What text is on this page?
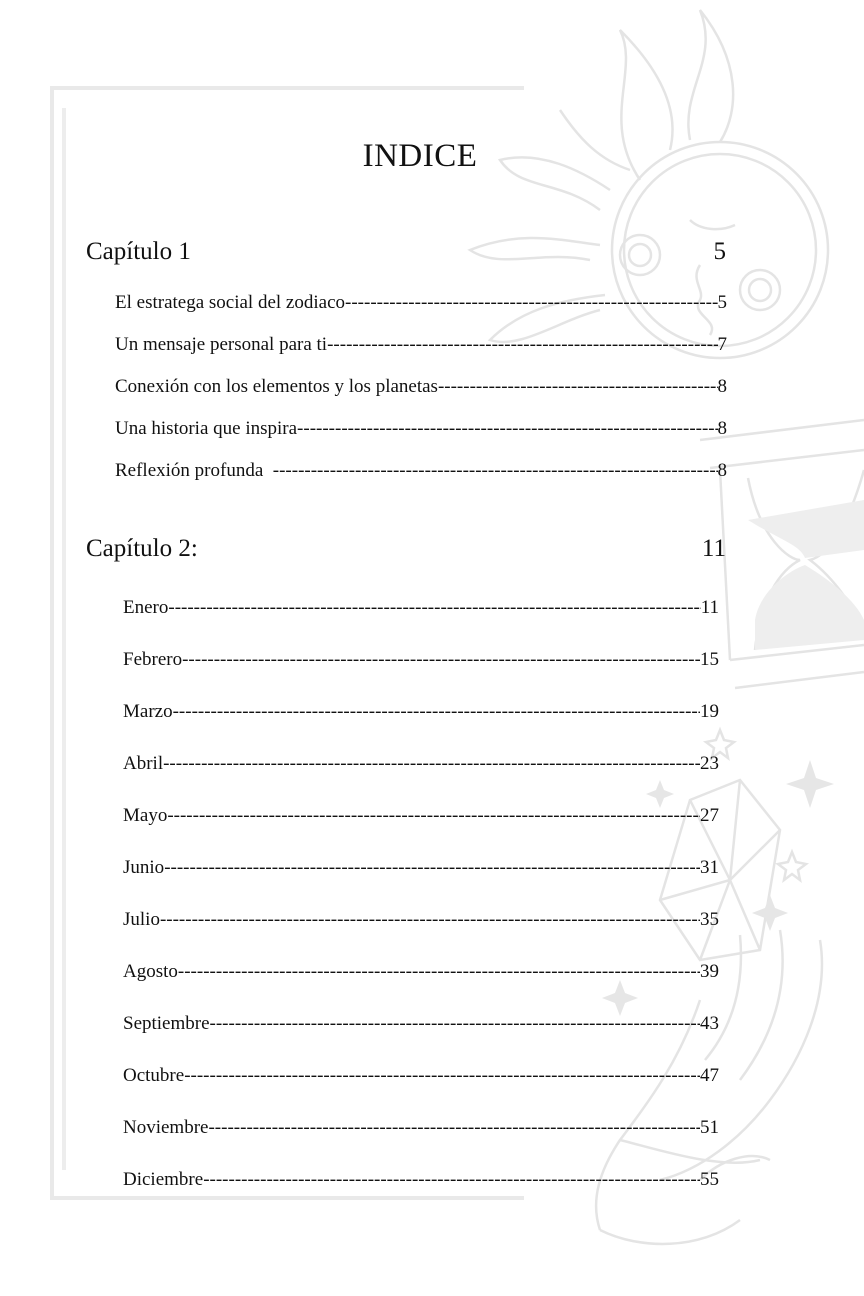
INDICE
Capítulo 1	5
El estratega social del zodiaco -----	5
Un mensaje personal para ti -----	7
Conexión con los elementos y los planetas -----	8
Una historia que inspira -----	8
Reflexión profunda -----	8
Capítulo 2:	11
Enero -----	11
Febrero -----	15
Marzo -----	19
Abril -----	23
Mayo -----	27
Junio -----	31
Julio -----	35
Agosto -----	39
Septiembre -----	43
Octubre -----	47
Noviembre -----	51
Diciembre -----	55
